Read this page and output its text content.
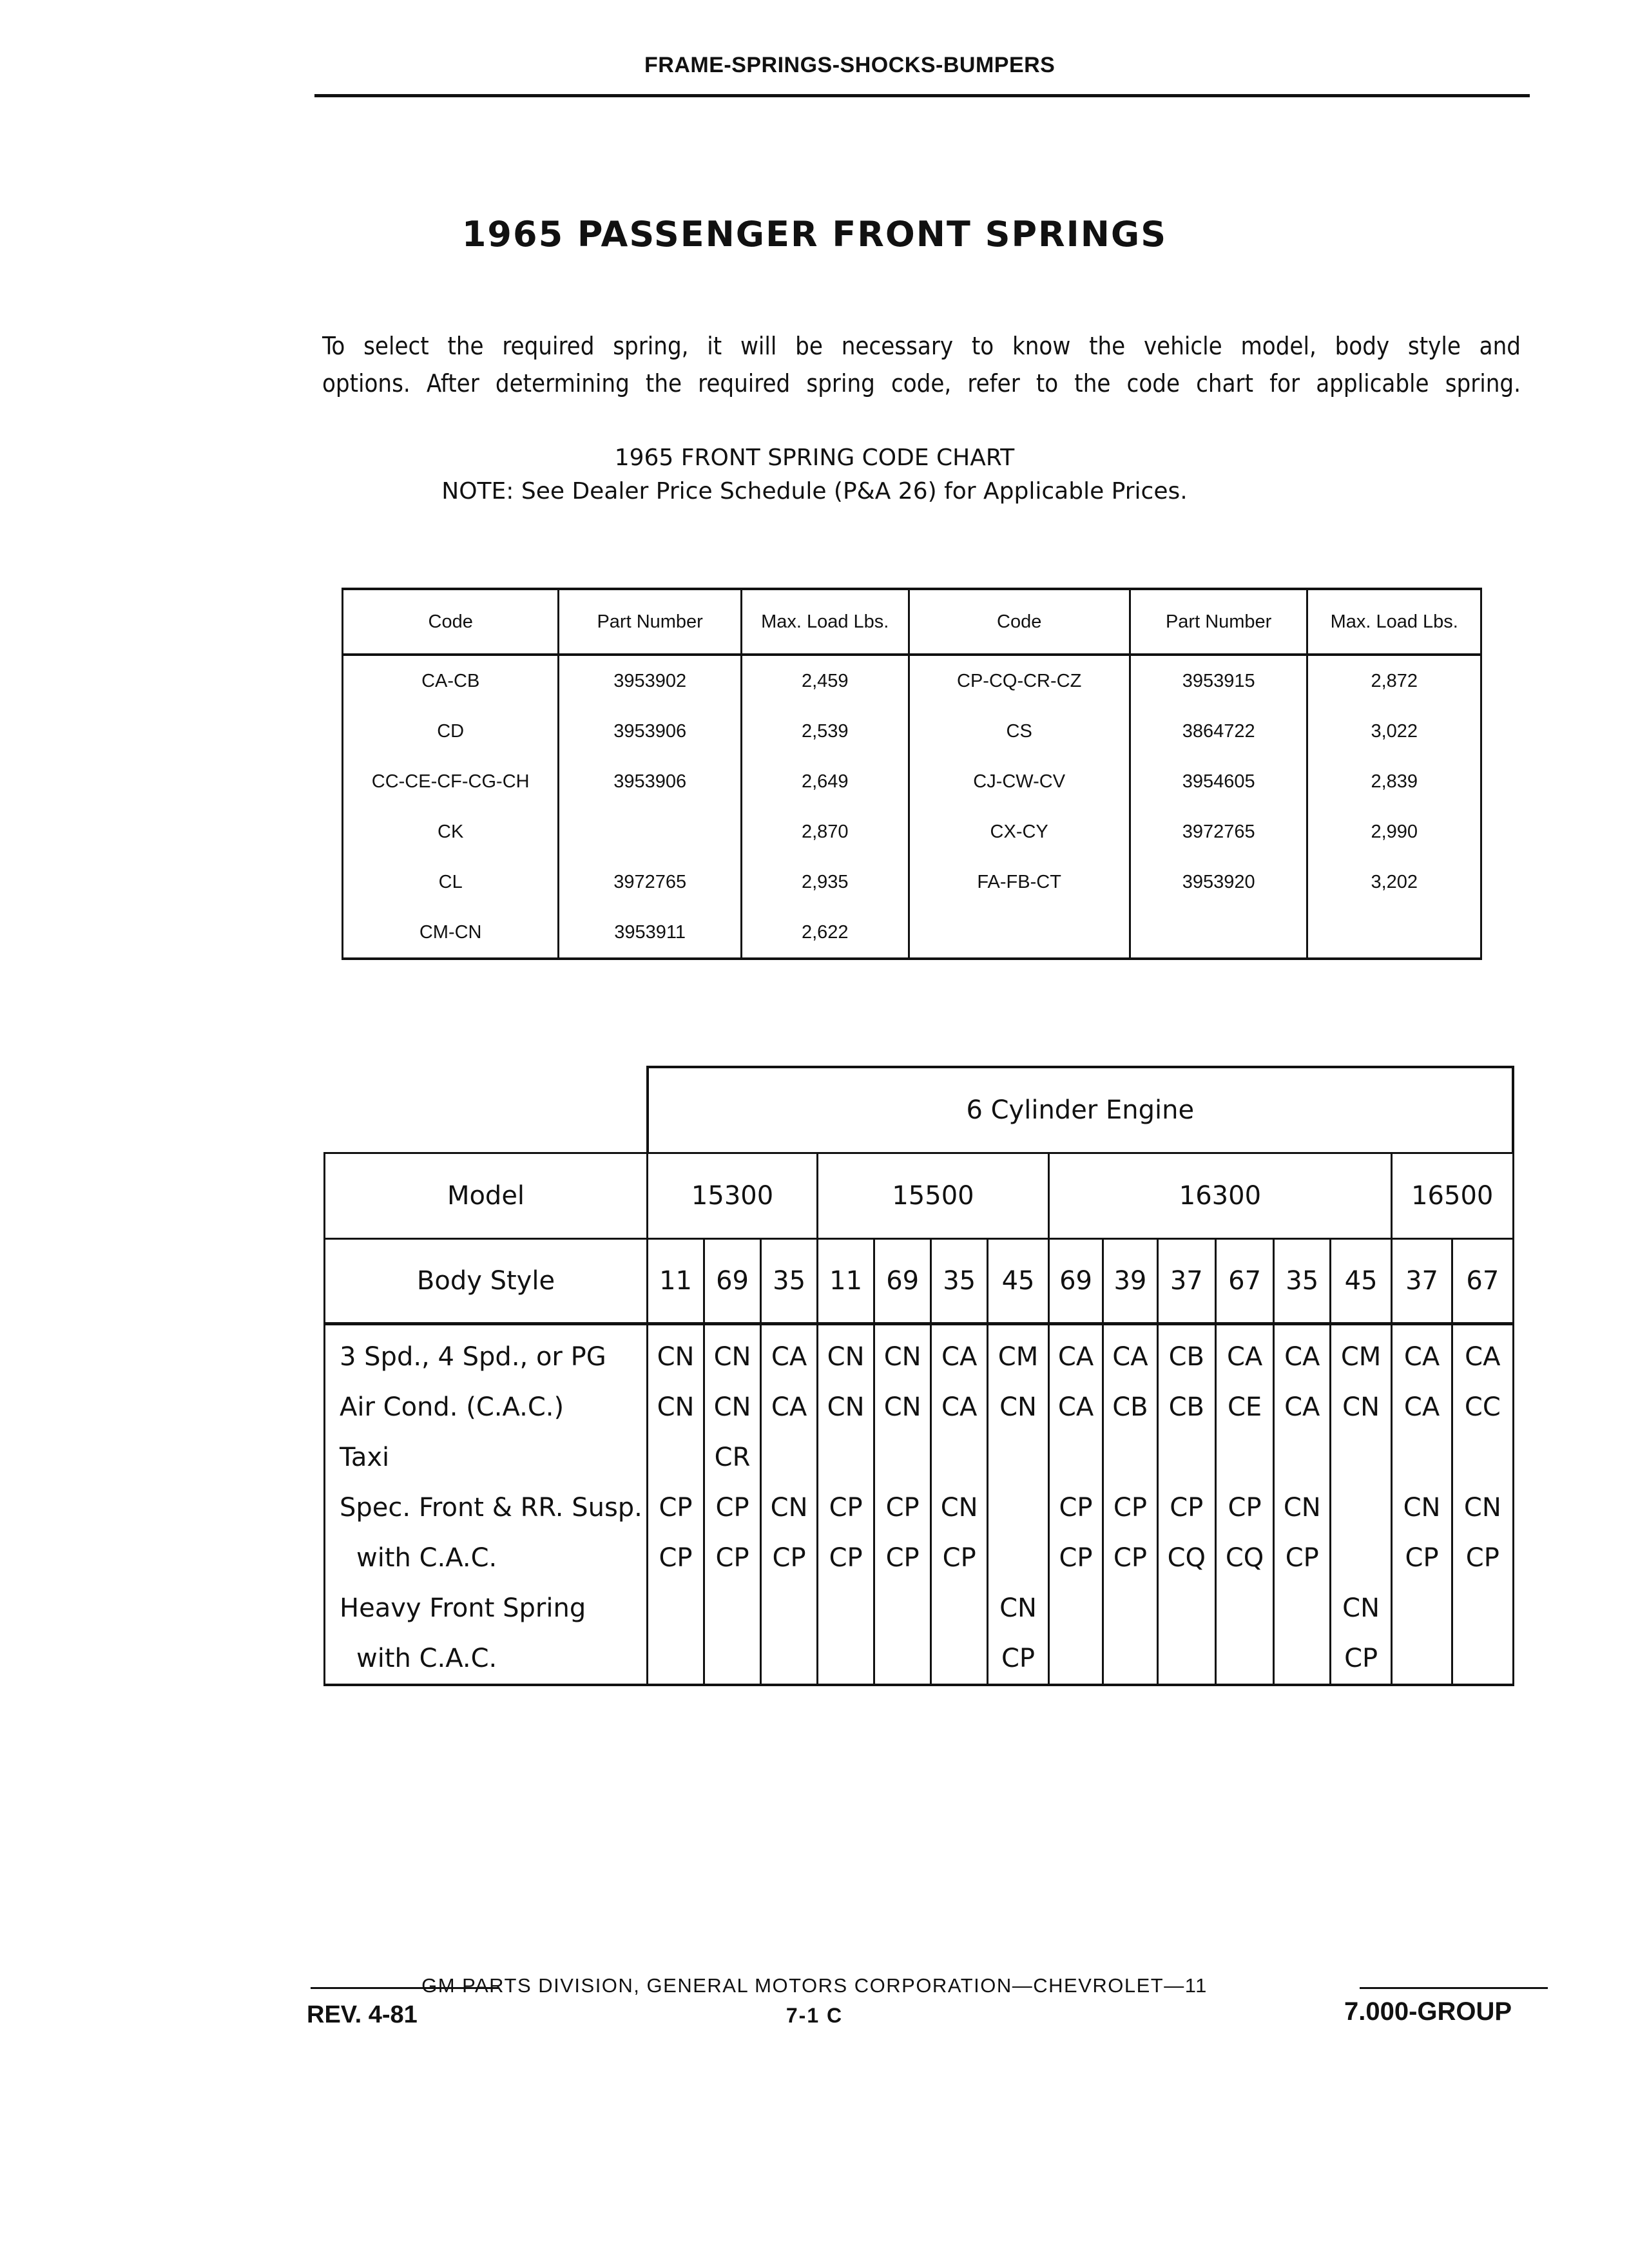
FRAME-SPRINGS-SHOCKS-BUMPERS
1965 PASSENGER FRONT SPRINGS

To select the required spring, it will be necessary to know the vehicle model, body style and

options. After determining the required spring code, refer to the code chart for applicable spring.

1965 FRONT SPRING CODE CHART
NOTE: See Dealer Price Schedule (P&A 26) for Applicable Prices.
Code	Part Number	Max. Load Lbs.	Code	Part Number	Max. Load Lbs.
CA-CB	3953902	2,459	CP-CQ-CR-CZ	3953915	2,872
CD	3953906	2,539	CS	3864722	3,022
CC-CE-CF-CG-CH	3953906	2,649	CJ-CW-CV	3954605	2,839
CK		2,870	CX-CY	3972765	2,990
CL	3972765	2,935	FA-FB-CT	3953920	3,202
CM-CN	3953911	2,622			
	6 Cylinder Engine														
Model	15300			15500				16300						16500	
Body Style	11	69	35	11	69	35	45	69	39	37	67	35	45	37	67
3 Spd., 4 Spd., or PG	CN	CN	CA	CN	CN	CA	CM	CA	CA	CB	CA	CA	CM	CA	CA
Air Cond. (C.A.C.)	CN	CN	CA	CN	CN	CA	CN	CA	CB	CB	CE	CA	CN	CA	CC
Taxi		CR													
Spec. Front & RR. Susp.	CP	CP	CN	CP	CP	CN		CP	CP	CP	CP	CN		CN	CN
with C.A.C.	CP	CP	CP	CP	CP	CP		CP	CP	CQ	CQ	CP		CP	CP
Heavy Front Spring							CN						CN		
with C.A.C.							CP						CP		
GM PARTS DIVISION, GENERAL MOTORS CORPORATION—CHEVROLET—11
REV. 4-81	7-1 C	7.000-GROUP
